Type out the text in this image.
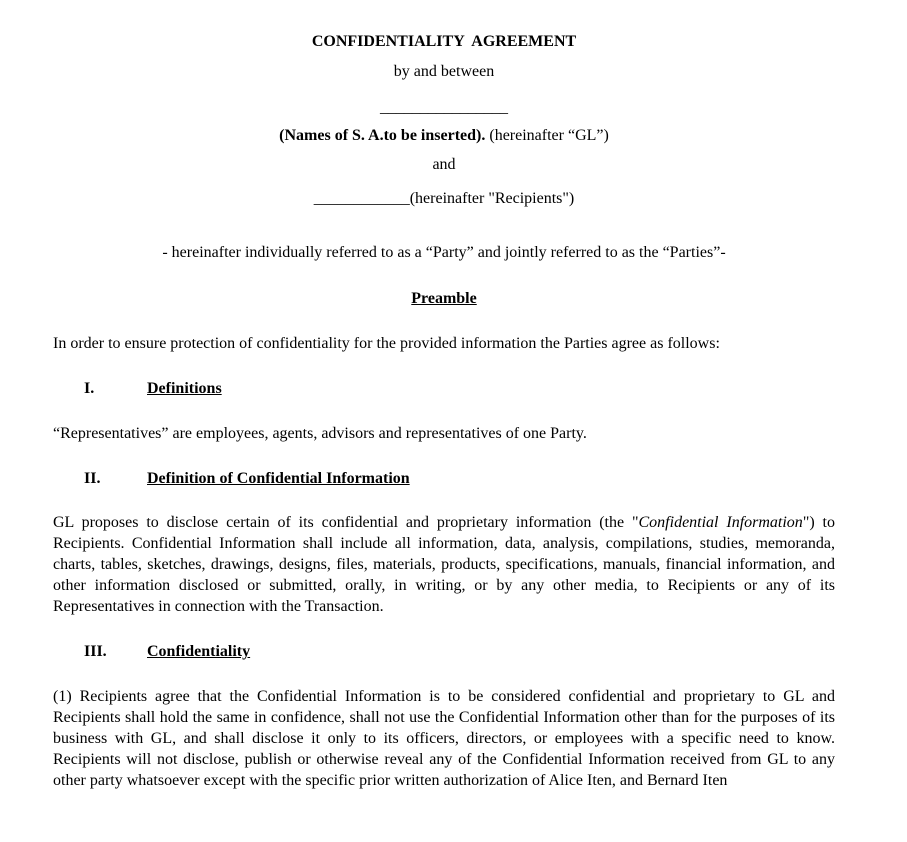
CONFIDENTIALITY  AGREEMENT

by and between

________________

(Names of S. A.to be inserted). (hereinafter “GL”)

and

____________(hereinafter "Recipients")

- hereinafter individually referred to as a “Party” and jointly referred to as the “Parties”-

Preamble

In order to ensure protection of confidentiality for the provided information the Parties agree as follows:

I.	Definitions

“Representatives” are employees, agents, advisors and representatives of one Party.

II.	Definition of Confidential Information

GL proposes to disclose certain of its confidential and proprietary information (the "Confidential Information") to Recipients. Confidential Information shall include all information, data, analysis, compilations, studies, memoranda, charts, tables, sketches, drawings, designs, files, materials, products, specifications, manuals, financial information, and other information disclosed or submitted, orally, in writing, or by any other media, to Recipients or any of its Representatives in connection with the Transaction.

III.	Confidentiality

(1) Recipients agree that the Confidential Information is to be considered confidential and proprietary to GL and Recipients shall hold the same in confidence, shall not use the Confidential Information other than for the purposes of its business with GL, and shall disclose it only to its officers, directors, or employees with a specific need to know. Recipients will not disclose, publish or otherwise reveal any of the Confidential Information received from GL to any other party whatsoever except with the specific prior written authorization of Alice Iten, and Bernard Iten
